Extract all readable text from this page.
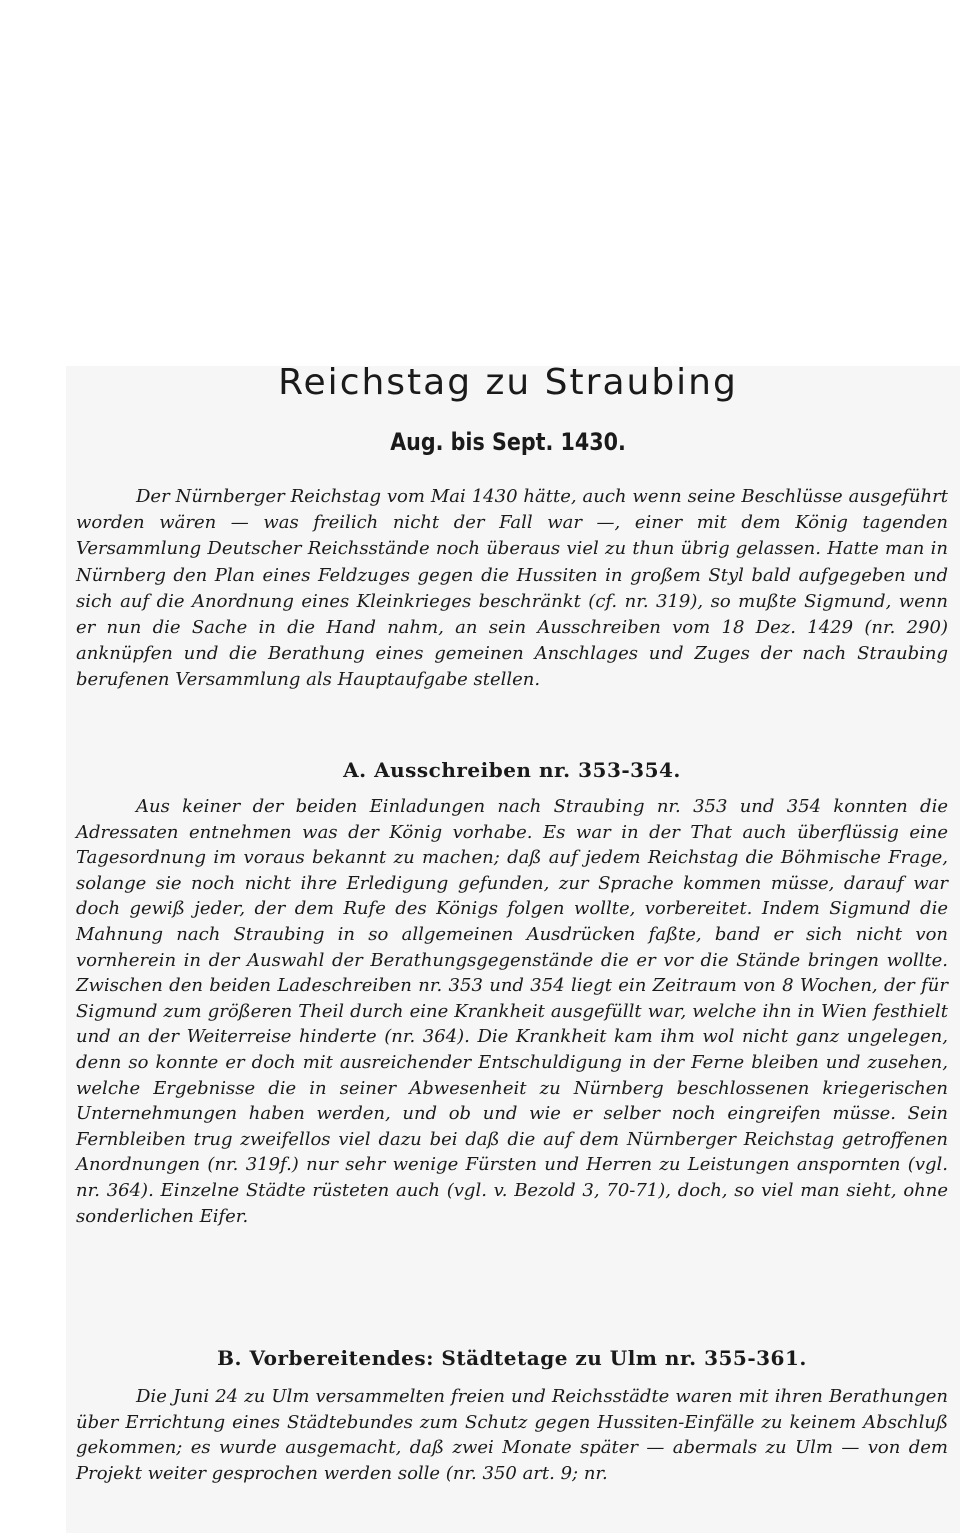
Reichstag zu Straubing
Aug. bis Sept. 1430.

Der Nürnberger Reichstag vom Mai 1430 hätte, auch wenn seine Beschlüsse ausgeführt worden wären — was freilich nicht der Fall war —, einer mit dem König tagenden Versammlung Deutscher Reichsstände noch überaus viel zu thun übrig gelassen. Hatte man in Nürnberg den Plan eines Feldzuges gegen die Hussiten in großem Styl bald aufgegeben und sich auf die Anordnung eines Kleinkrieges beschränkt (cf. nr. 319), so mußte Sigmund, wenn er nun die Sache in die Hand nahm, an sein Ausschreiben vom 18 Dez. 1429 (nr. 290) anknüpfen und die Berathung eines gemeinen Anschlages und Zuges der nach Straubing berufenen Versammlung als Hauptaufgabe stellen.

A. Ausschreiben nr. 353-354.

Aus keiner der beiden Einladungen nach Straubing nr. 353 und 354 konnten die Adressaten entnehmen was der König vorhabe. Es war in der That auch überflüssig eine Tagesordnung im voraus bekannt zu machen; daß auf jedem Reichstag die Böhmische Frage, solange sie noch nicht ihre Erledigung gefunden, zur Sprache kommen müsse, darauf war doch gewiß jeder, der dem Rufe des Königs folgen wollte, vorbereitet. Indem Sigmund die Mahnung nach Straubing in so allgemeinen Ausdrücken faßte, band er sich nicht von vornherein in der Auswahl der Berathungsgegenstände die er vor die Stände bringen wollte. Zwischen den beiden Ladeschreiben nr. 353 und 354 liegt ein Zeitraum von 8 Wochen, der für Sigmund zum größeren Theil durch eine Krankheit ausgefüllt war, welche ihn in Wien festhielt und an der Weiterreise hinderte (nr. 364). Die Krankheit kam ihm wol nicht ganz ungelegen, denn so konnte er doch mit ausreichender Entschuldigung in der Ferne bleiben und zusehen, welche Ergebnisse die in seiner Abwesenheit zu Nürnberg beschlossenen kriegerischen Unternehmungen haben werden, und ob und wie er selber noch eingreifen müsse. Sein Fernbleiben trug zweifellos viel dazu bei daß die auf dem Nürnberger Reichstag getroffenen Anordnungen (nr. 319f.) nur sehr wenige Fürsten und Herren zu Leistungen anspornten (vgl. nr. 364). Einzelne Städte rüsteten auch (vgl. v. Bezold 3, 70-71), doch, so viel man sieht, ohne sonderlichen Eifer.

B. Vorbereitendes: Städtetage zu Ulm nr. 355-361.

Die Juni 24 zu Ulm versammelten freien und Reichsstädte waren mit ihren Berathungen über Errichtung eines Städtebundes zum Schutz gegen Hussiten-Einfälle zu keinem Abschluß gekommen; es wurde ausgemacht, daß zwei Monate später — abermals zu Ulm — von dem Projekt weiter gesprochen werden solle (nr. 350 art. 9; nr.
